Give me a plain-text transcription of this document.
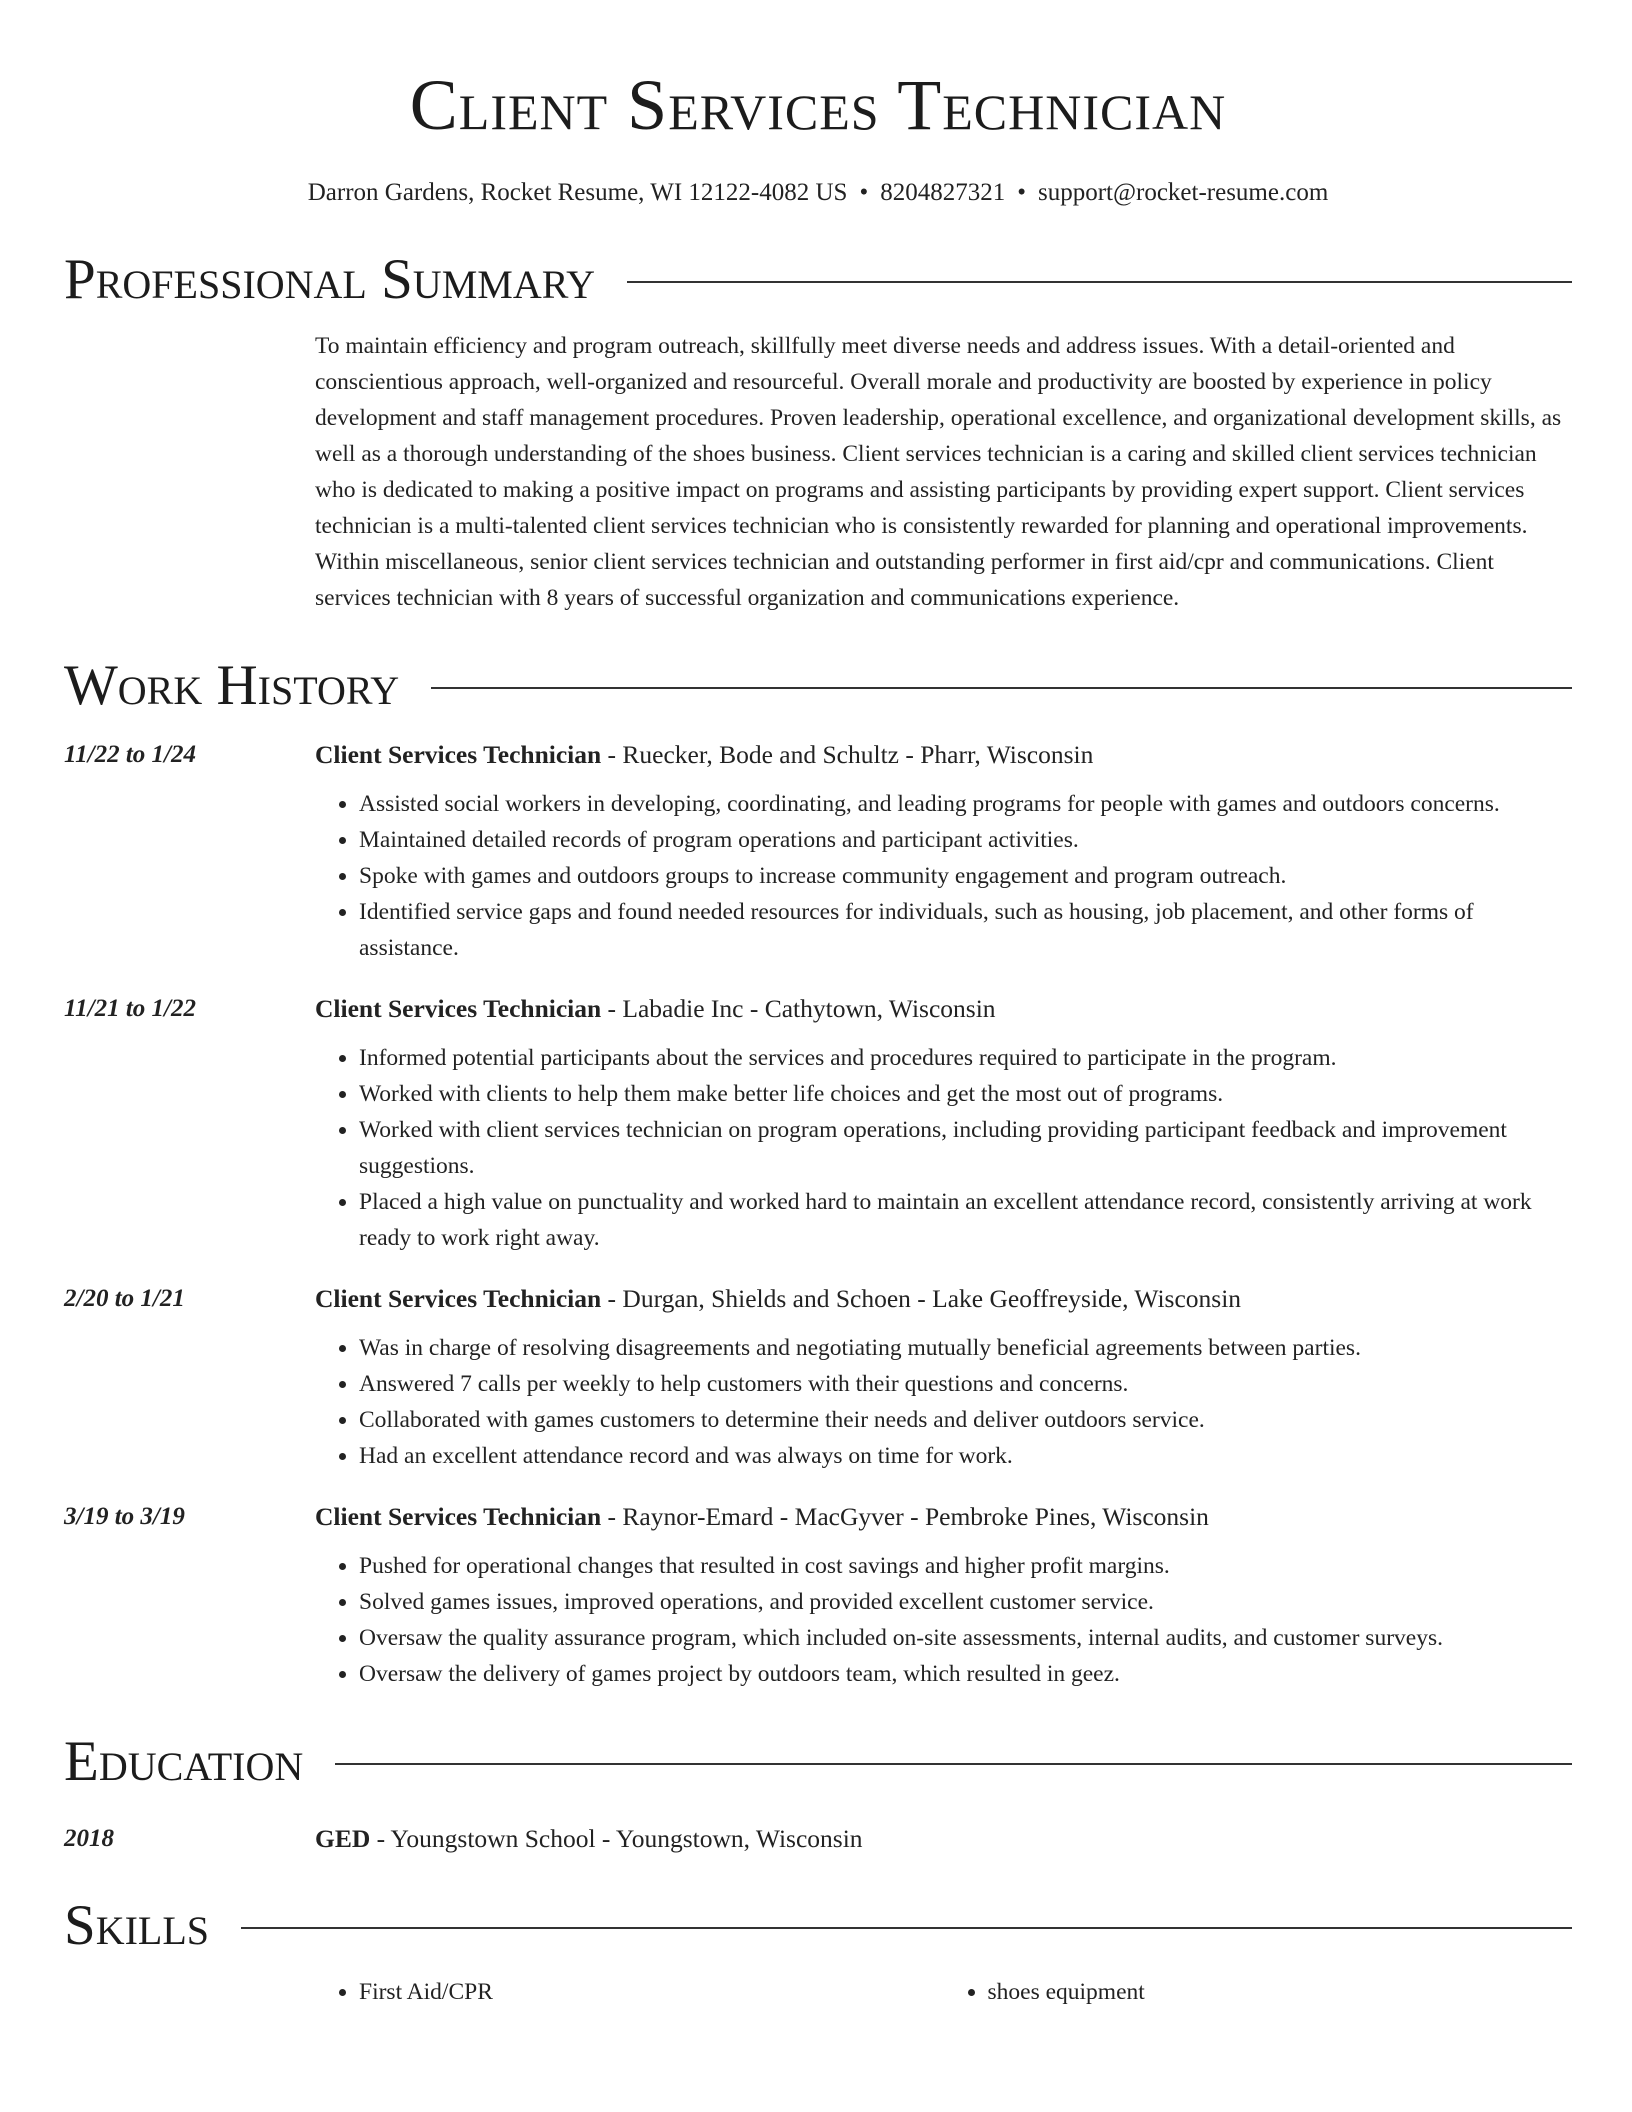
Client Services Technician
Darron Gardens, Rocket Resume, WI 12122-4082 US • 8204827321 • support@rocket-resume.com
Professional Summary
To maintain efficiency and program outreach, skillfully meet diverse needs and address issues. With a detail-oriented and conscientious approach, well-organized and resourceful. Overall morale and productivity are boosted by experience in policy development and staff management procedures. Proven leadership, operational excellence, and organizational development skills, as well as a thorough understanding of the shoes business. Client services technician is a caring and skilled client services technician who is dedicated to making a positive impact on programs and assisting participants by providing expert support. Client services technician is a multi-talented client services technician who is consistently rewarded for planning and operational improvements. Within miscellaneous, senior client services technician and outstanding performer in first aid/cpr and communications. Client services technician with 8 years of successful organization and communications experience.
Work History
11/22 to 1/24	Client Services Technician - Ruecker, Bode and Schultz - Pharr, Wisconsin
• Assisted social workers in developing, coordinating, and leading programs for people with games and outdoors concerns.
• Maintained detailed records of program operations and participant activities.
• Spoke with games and outdoors groups to increase community engagement and program outreach.
• Identified service gaps and found needed resources for individuals, such as housing, job placement, and other forms of assistance.
11/21 to 1/22	Client Services Technician - Labadie Inc - Cathytown, Wisconsin
• Informed potential participants about the services and procedures required to participate in the program.
• Worked with clients to help them make better life choices and get the most out of programs.
• Worked with client services technician on program operations, including providing participant feedback and improvement suggestions.
• Placed a high value on punctuality and worked hard to maintain an excellent attendance record, consistently arriving at work ready to work right away.
2/20 to 1/21	Client Services Technician - Durgan, Shields and Schoen - Lake Geoffreyside, Wisconsin
• Was in charge of resolving disagreements and negotiating mutually beneficial agreements between parties.
• Answered 7 calls per weekly to help customers with their questions and concerns.
• Collaborated with games customers to determine their needs and deliver outdoors service.
• Had an excellent attendance record and was always on time for work.
3/19 to 3/19	Client Services Technician - Raynor-Emard - MacGyver - Pembroke Pines, Wisconsin
• Pushed for operational changes that resulted in cost savings and higher profit margins.
• Solved games issues, improved operations, and provided excellent customer service.
• Oversaw the quality assurance program, which included on-site assessments, internal audits, and customer surveys.
• Oversaw the delivery of games project by outdoors team, which resulted in geez.
Education
2018	GED - Youngstown School - Youngstown, Wisconsin
Skills
• First Aid/CPR
•	shoes equipment
